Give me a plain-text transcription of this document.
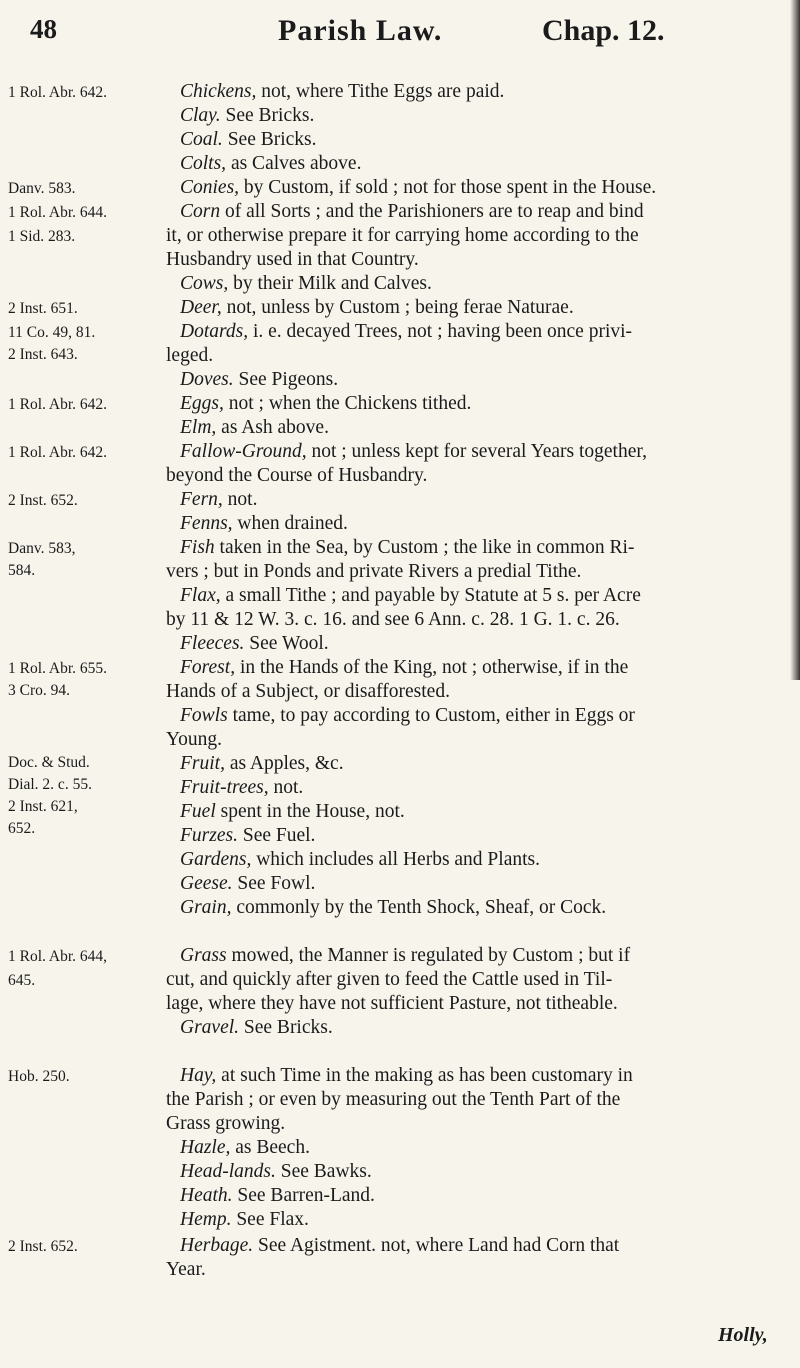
48	Parish Law.	Chap. 12.
1 Rol. Abr. 642.
Danv. 583.
1 Rol. Abr. 644.
1 Sid. 283.
2 Inst. 651.
11 Co. 49, 81.
2 Inst. 643.
1 Rol. Abr. 642.
1 Rol. Abr. 642.
2 Inst. 652.
Danv. 583,
584.
1 Rol. Abr. 655.
3 Cro. 94.
Doc. & Stud.
Dial. 2. c. 55.
2 Inst. 621,
652.
1 Rol. Abr. 644,
645.
Hob. 250.
2 Inst. 652.
Chickens, not, where Tithe Eggs are paid.
Clay. See Bricks.
Coal. See Bricks.
Colts, as Calves above.
Conies, by Custom, if sold ; not for those spent in the House.
Corn of all Sorts ; and the Parishioners are to reap and bind
it, or otherwise prepare it for carrying home according to the
Husbandry used in that Country.
Cows, by their Milk and Calves.
Deer, not, unless by Custom ; being ferae Naturae.
Dotards, i. e. decayed Trees, not ; having been once privi-
leged.
Doves. See Pigeons.
Eggs, not ; when the Chickens tithed.
Elm, as Ash above.
Fallow-Ground, not ; unless kept for several Years together,
beyond the Course of Husbandry.
Fern, not.
Fenns, when drained.
Fish taken in the Sea, by Custom ; the like in common Ri-
vers ; but in Ponds and private Rivers a predial Tithe.
Flax, a small Tithe ; and payable by Statute at 5 s. per Acre
by 11 & 12 W. 3. c. 16. and see 6 Ann. c. 28. 1 G. 1. c. 26.
Fleeces. See Wool.
Forest, in the Hands of the King, not ; otherwise, if in the
Hands of a Subject, or disafforested.
Fowls tame, to pay according to Custom, either in Eggs or
Young.
Fruit, as Apples, &c.
Fruit-trees, not.
Fuel spent in the House, not.
Furzes. See Fuel.
Gardens, which includes all Herbs and Plants.
Geese. See Fowl.
Grain, commonly by the Tenth Shock, Sheaf, or Cock.
Grass mowed, the Manner is regulated by Custom ; but if
cut, and quickly after given to feed the Cattle used in Til-
lage, where they have not sufficient Pasture, not titheable.
Gravel. See Bricks.
Hay, at such Time in the making as has been customary in
the Parish ; or even by measuring out the Tenth Part of the
Grass growing.
Hazle, as Beech.
Head-lands. See Bawks.
Heath. See Barren-Land.
Hemp. See Flax.
Herbage. See Agistment. not, where Land had Corn that
Year.
Holly,
